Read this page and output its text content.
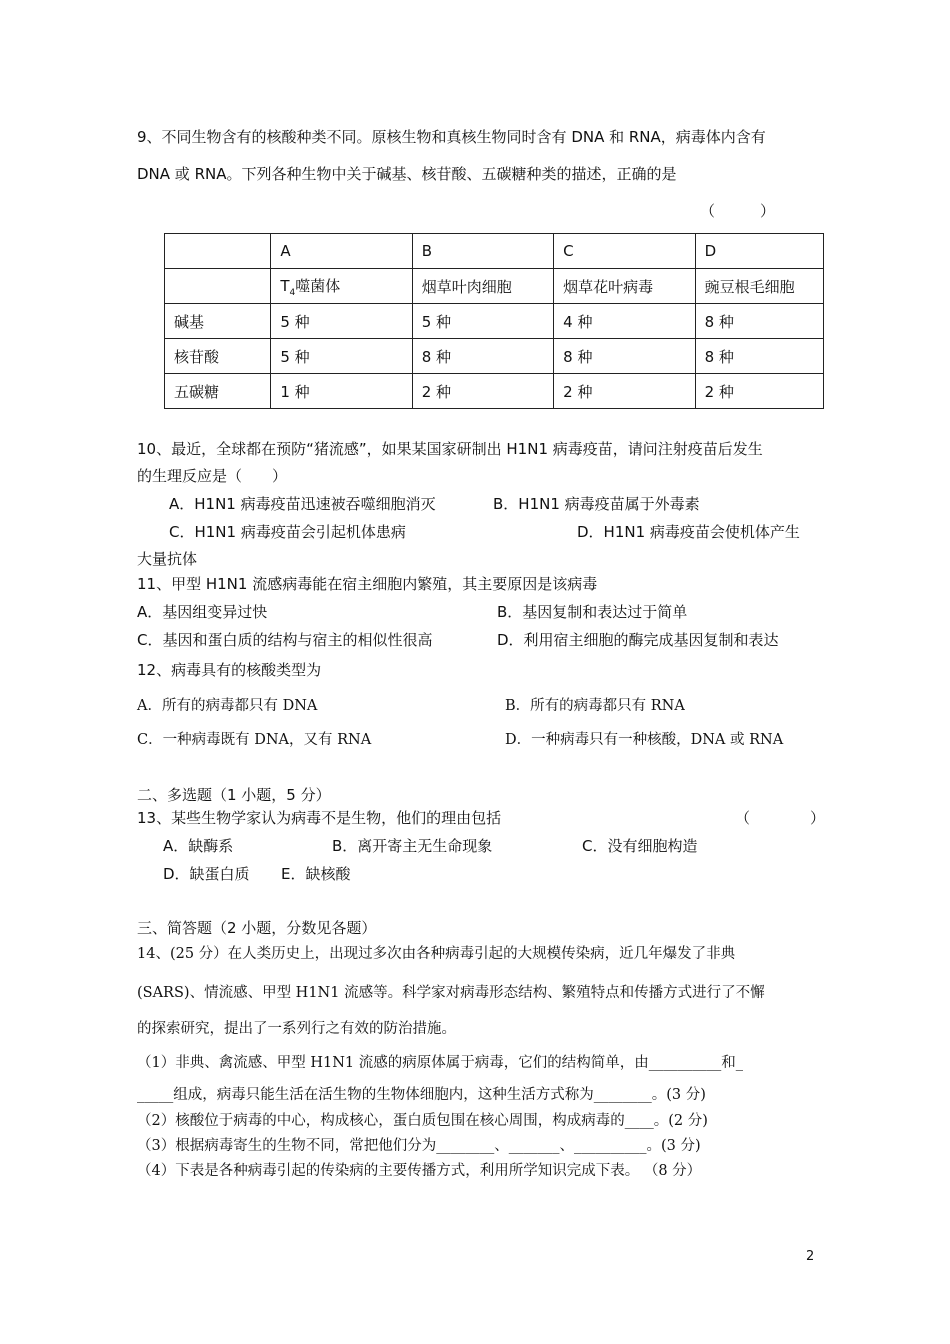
9、不同生物含有的核酸种类不同。原核生物和真核生物同时含有 DNA 和 RNA，病毒体内含有
DNA 或 RNA。下列各种生物中关于碱基、核苷酸、五碳糖种类的描述，正确的是
（　　　）
	A	B	C	D
	$T_4$噬菌体	烟草叶肉细胞	烟草花叶病毒	豌豆根毛细胞
碱基	5 种	5 种	4 种	8 种
核苷酸	5 种	8 种	8 种	8 种
五碳糖	1 种	2 种	2 种	2 种
10、最近，全球都在预防“猪流感”，如果某国家研制出 H1N1 病毒疫苗，请问注射疫苗后发生
的生理反应是（　　）
A．H1N1 病毒疫苗迅速被吞噬细胞消灭	B．H1N1 病毒疫苗属于外毒素
C．H1N1 病毒疫苗会引起机体患病	D．H1N1 病毒疫苗会使机体产生
大量抗体
11、甲型 H1N1 流感病毒能在宿主细胞内繁殖，其主要原因是该病毒
A．基因组变异过快	B．基因复制和表达过于简单
C．基因和蛋白质的结构与宿主的相似性很高	D．利用宿主细胞的酶完成基因复制和表达
12、病毒具有的核酸类型为
A．所有的病毒都只有 DNA	B．所有的病毒都只有 RNA
C．一种病毒既有 DNA，又有 RNA	D．一种病毒只有一种核酸，DNA 或 RNA
二、多选题（1 小题，5 分）
13、某些生物学家认为病毒不是生物，他们的理由包括	（　　　　）
A．缺酶系	B．离开寄主无生命现象	C．没有细胞构造
D．缺蛋白质 E．缺核酸
三、简答题（2 小题，分数见各题）
14、(25 分）在人类历史上，出现过多次由各种病毒引起的大规模传染病，近几年爆发了非典
(SARS)、情流感、甲型 H1N1 流感等。科学家对病毒形态结构、繁殖特点和传播方式进行了不懈
的探索研究，提出了一系列行之有效的防治措施。
（1）非典、禽流感、甲型 H1N1 流感的病原体属于病毒，它们的结构简单，由__________和_
_____组成，病毒只能生活在活生物的生物体细胞内，这种生活方式称为________。(3 分)
（2）核酸位于病毒的中心，构成核心，蛋白质包围在核心周围，构成病毒的____。(2 分)
（3）根据病毒寄生的生物不同，常把他们分为________、_______、__________。(3 分)
（4）下表是各种病毒引起的传染病的主要传播方式，利用所学知识完成下表。 （8 分）
2
